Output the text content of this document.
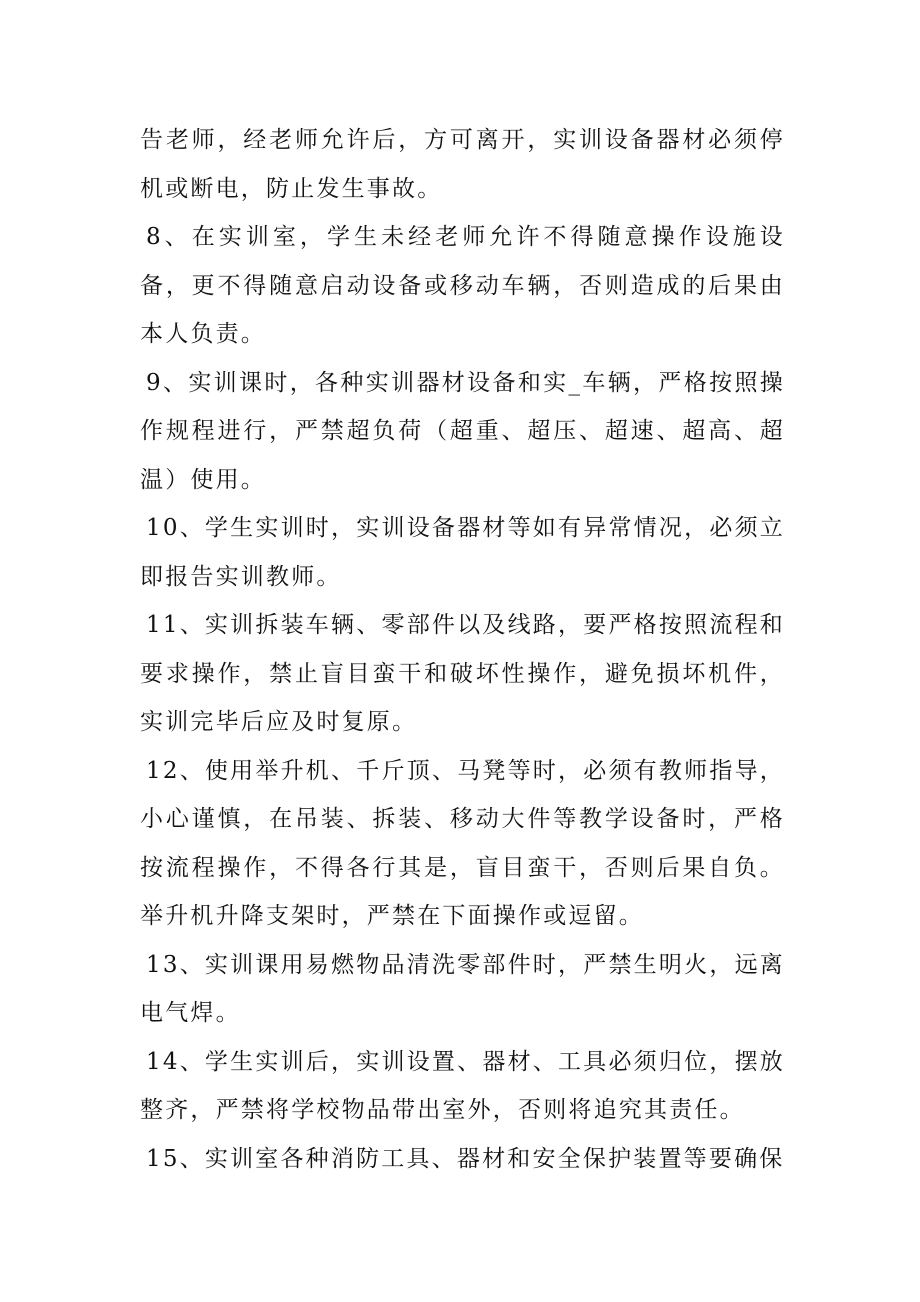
告老师，经老师允许后，方可离开，实训设备器材必须停机或断电，防止发生事故。

8、在实训室，学生未经老师允许不得随意操作设施设备，更不得随意启动设备或移动车辆，否则造成的后果由本人负责。

9、实训课时，各种实训器材设备和实_车辆，严格按照操作规程进行，严禁超负荷（超重、超压、超速、超高、超温）使用。

10、学生实训时，实训设备器材等如有异常情况，必须立即报告实训教师。

11、实训拆装车辆、零部件以及线路，要严格按照流程和要求操作，禁止盲目蛮干和破坏性操作，避免损坏机件，实训完毕后应及时复原。

12、使用举升机、千斤顶、马凳等时，必须有教师指导，小心谨慎，在吊装、拆装、移动大件等教学设备时，严格按流程操作，不得各行其是，盲目蛮干，否则后果自负。举升机升降支架时，严禁在下面操作或逗留。

13、实训课用易燃物品清洗零部件时，严禁生明火，远离电气焊。

14、学生实训后，实训设置、器材、工具必须归位，摆放整齐，严禁将学校物品带出室外，否则将追究其责任。

15、实训室各种消防工具、器材和安全保护装置等要确保
